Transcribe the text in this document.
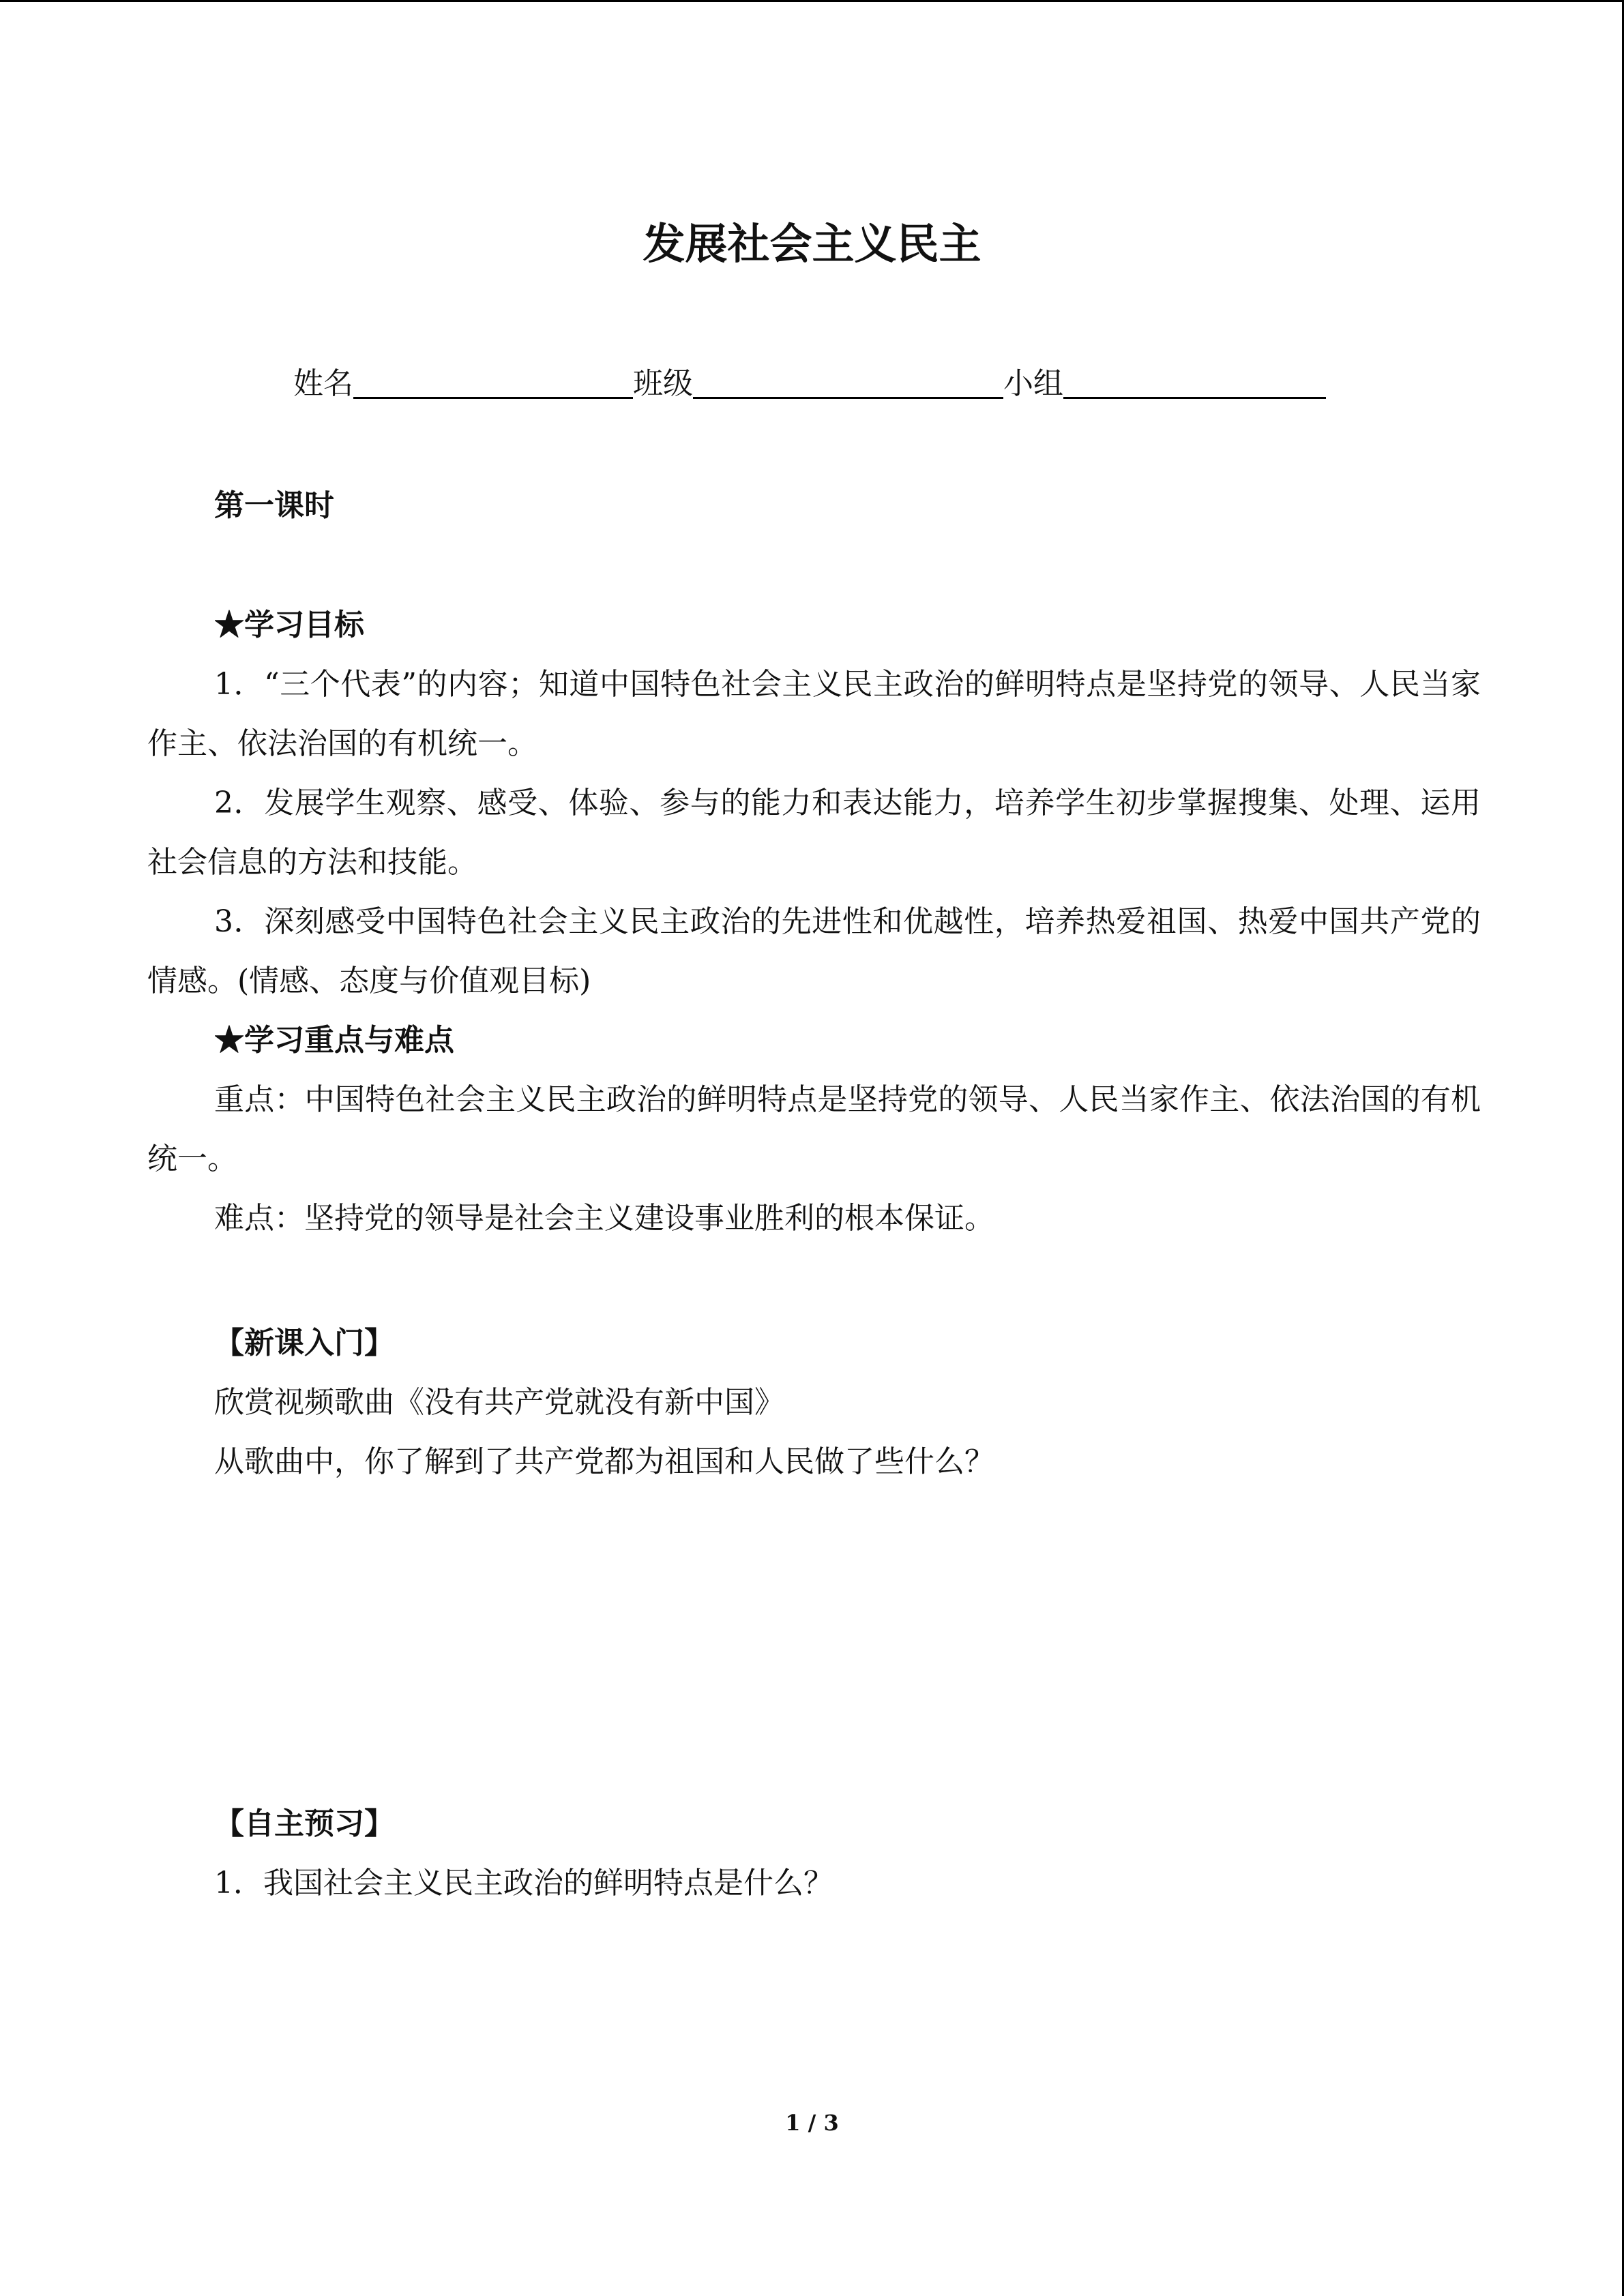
发展社会主义民主
姓名	班级	小组
第一课时
★学习目标
1．“三个代表”的内容；知道中国特色社会主义民主政治的鲜明特点是坚持党的领导、人民当家作主、依法治国的有机统一。
2．发展学生观察、感受、体验、参与的能力和表达能力，培养学生初步掌握搜集、处理、运用社会信息的方法和技能。
3．深刻感受中国特色社会主义民主政治的先进性和优越性，培养热爱祖国、热爱中国共产党的情感。(情感、态度与价值观目标)
★学习重点与难点
重点：中国特色社会主义民主政治的鲜明特点是坚持党的领导、人民当家作主、依法治国的有机统一。
难点：坚持党的领导是社会主义建设事业胜利的根本保证。
【新课入门】
欣赏视频歌曲《没有共产党就没有新中国》
从歌曲中，你了解到了共产党都为祖国和人民做了些什么？
【自主预习】
1．我国社会主义民主政治的鲜明特点是什么？
1 / 3
